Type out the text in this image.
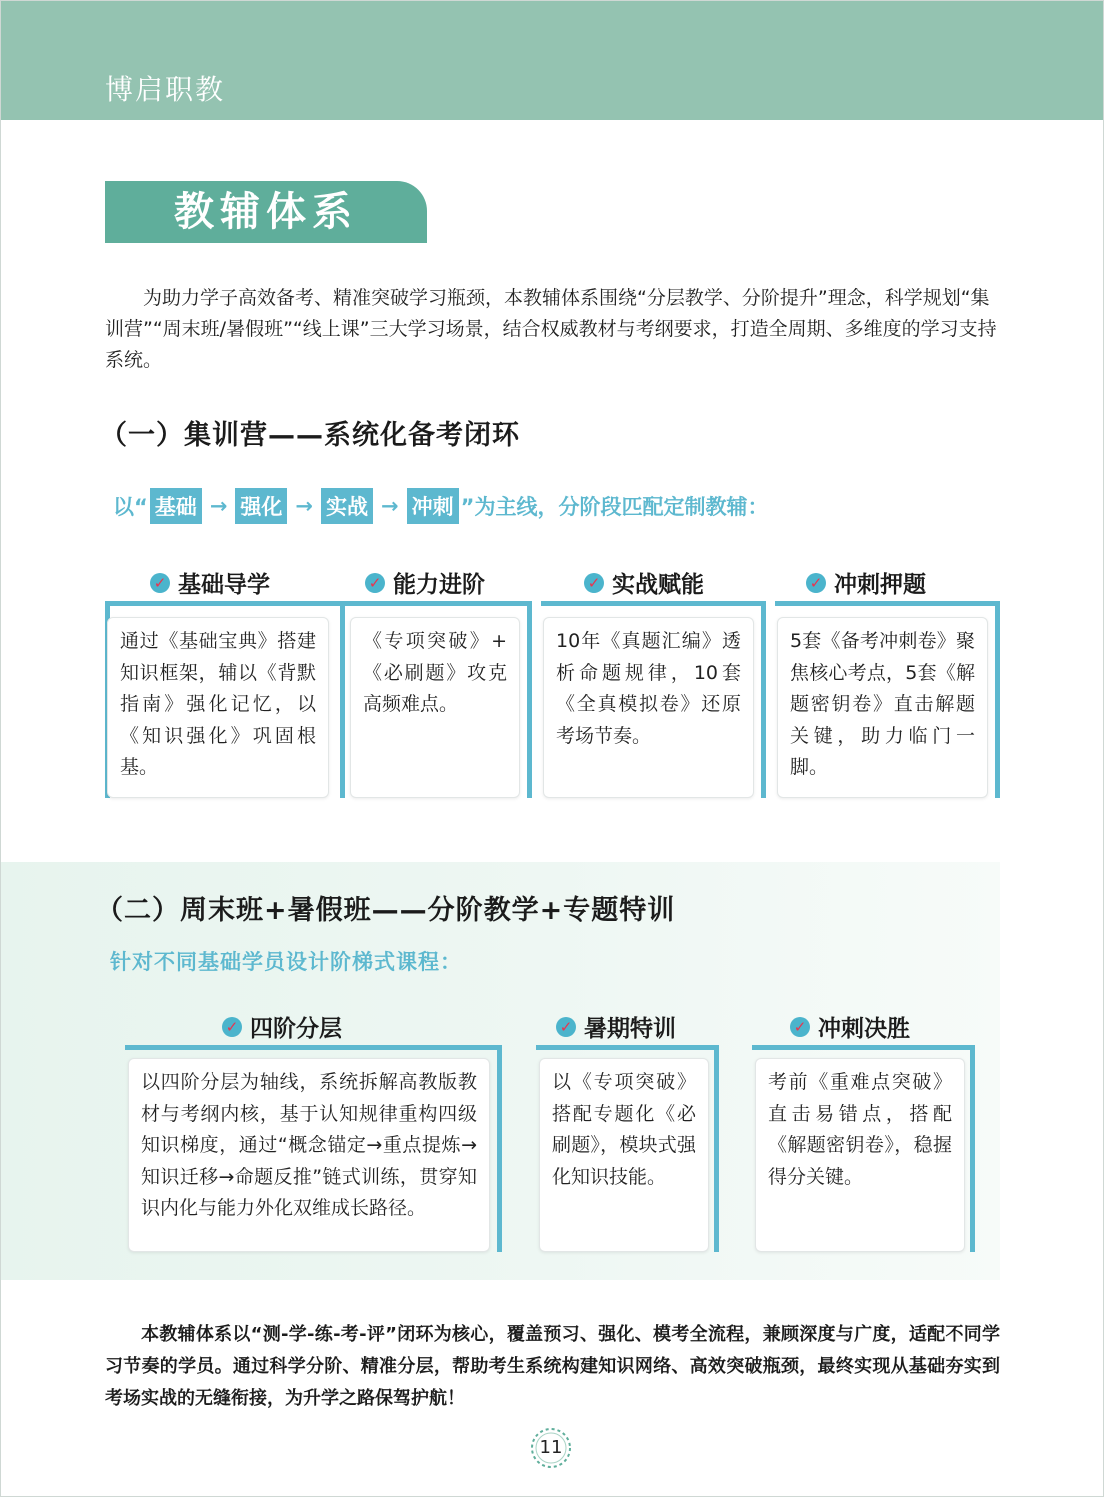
博启职教
教辅体系

为助力学子高效备考、精准突破学习瓶颈，本教辅体系围绕“分层教学、分阶提升”理念，科学规划“集训营”“周末班/暑假班”“线上课”三大学习场景，结合权威教材与考纲要求，打造全周期、多维度的学习支持系统。

（一）集训营——系统化备考闭环
以“ 基础 → 强化 → 实战 → 冲刺 ”为主线，分阶段匹配定制教辅：
✓ 基础导学	✓ 能力进阶	✓ 实战赋能	✓ 冲刺押题
通过《基础宝典》搭建知识框架，辅以《背默指南》强化记忆，以《知识强化》巩固根基。
《专项突破》+《必刷题》攻克高频难点。
10年《真题汇编》透析命题规律，10套《全真模拟卷》还原考场节奏。
5套《备考冲刺卷》聚焦核心考点，5套《解题密钥卷》直击解题关键，助力临门一脚。
（二）周末班+暑假班——分阶教学+专题特训
针对不同基础学员设计阶梯式课程：
✓ 四阶分层	✓ 暑期特训	✓ 冲刺决胜
以四阶分层为轴线，系统拆解高教版教材与考纲内核，基于认知规律重构四级知识梯度，通过“概念锚定→重点提炼→知识迁移→命题反推”链式训练，贯穿知识内化与能力外化双维成长路径。
以《专项突破》搭配专题化《必刷题》，模块式强化知识技能。
考前《重难点突破》直击易错点，搭配《解题密钥卷》，稳握得分关键。

本教辅体系以“测-学-练-考-评”闭环为核心，覆盖预习、强化、模考全流程，兼顾深度与广度，适配不同学习节奏的学员。通过科学分阶、精准分层，帮助考生系统构建知识网络、高效突破瓶颈，最终实现从基础夯实到考场实战的无缝衔接，为升学之路保驾护航！

11
